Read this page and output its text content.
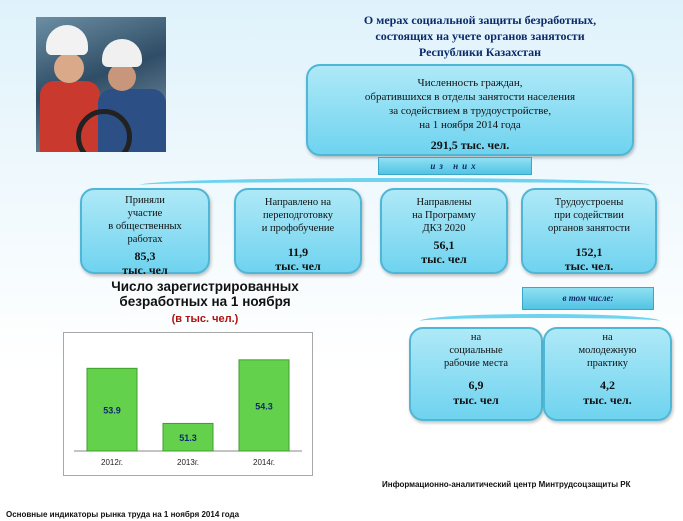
О мерах социальной защиты безработных,
состоящих на учете органов занятости
Республики Казахстан
Численность граждан,
обратившихся в отделы занятости населения
за содействием в трудоустройстве,
на 1 ноября 2014 года
291,5 тыс. чел.
из них
Приняли
участие
в общественных
работах
85,3
тыс. чел
Направлено на
переподготовку
и профобучение
11,9
тыс. чел
Направлены
на Программу
ДКЗ 2020
56,1
тыс. чел
Трудоустроены
при содействии
органов занятости
152,1
тыс. чел.
в том числе:
на
социальные
рабочие места
6,9
тыс. чел
на
молодежную
практику
4,2
тыс. чел.
Число зарегистрированных
безработных на 1 ноября
(в тыс. чел.)
53.9
2012г.
51.3
2013г.
54.3
2014г.
Информационно-аналитический центр Минтрудсоцзащиты РК
Основные индикаторы рынка труда на 1 ноября 2014 года
